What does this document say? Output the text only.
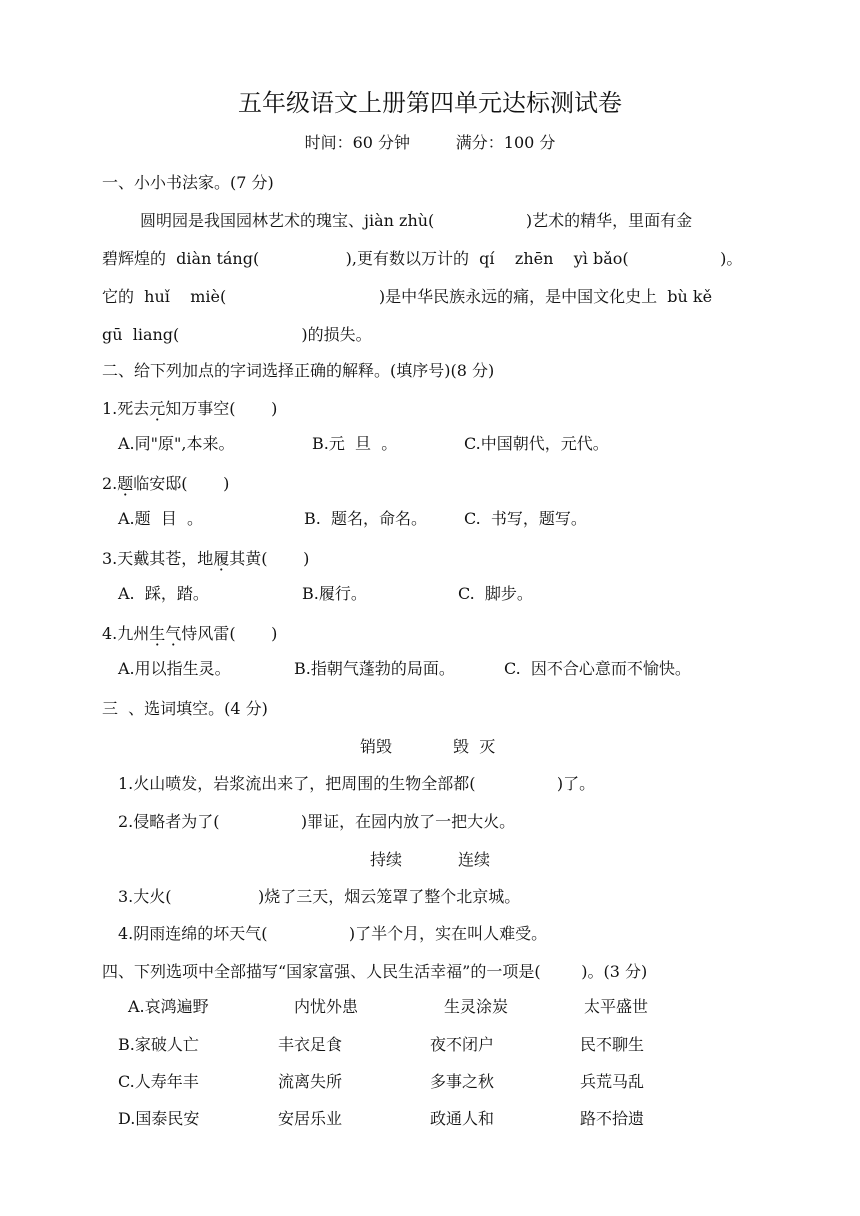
五年级语文上册第四单元达标测试卷
时间：60 分钟         满分：100 分
一、小小书法家。(7 分)
圆明园是我国园林艺术的瑰宝、jiàn zhù(                  )艺术的精华，里面有金
碧辉煌的  diàn táng(                 ),更有数以万计的  qí    zhēn    yì bǎo(                  )。
它的  huǐ    miè(                              )是中华民族永远的痛，是中国文化史上  bù kě
gū  liang(                        )的损失。
二、给下列加点的字词选择正确的解释。(填序号)(8 分)
1.死去元知万事空(       )
A.同"原",本来。	B.元  旦  。	C.中国朝代，元代。
2.题临安邸(       )
A.题  目  。	B.  题名，命名。 C.  书写，题写。
3.天戴其苍，地履其黄(       )
A.  踩，踏。	B.履行。	C.  脚步。
4.九州生气恃风雷(       )
A.用以指生灵。	B.指朝气蓬勃的局面。	C.  因不合心意而不愉快。
三  、选词填空。(4 分)
销毁            毁  灭
1.火山喷发，岩浆流出来了，把周围的生物全部都(                )了。
2.侵略者为了(                )罪证，在园内放了一把大火。
持续           连续
3.大火(                 )烧了三天，烟云笼罩了整个北京城。
4.阴雨连绵的坏天气(                )了半个月，实在叫人难受。
四、下列选项中全部描写“国家富强、人民生活幸福”的一项是(        )。(3 分)
A.哀鸿遍野	内忧外患	生灵涂炭	太平盛世
B.家破人亡	丰衣足食	夜不闭户	民不聊生
C.人寿年丰	流离失所	多事之秋	兵荒马乱
D.国泰民安	安居乐业	政通人和	路不拾遗
